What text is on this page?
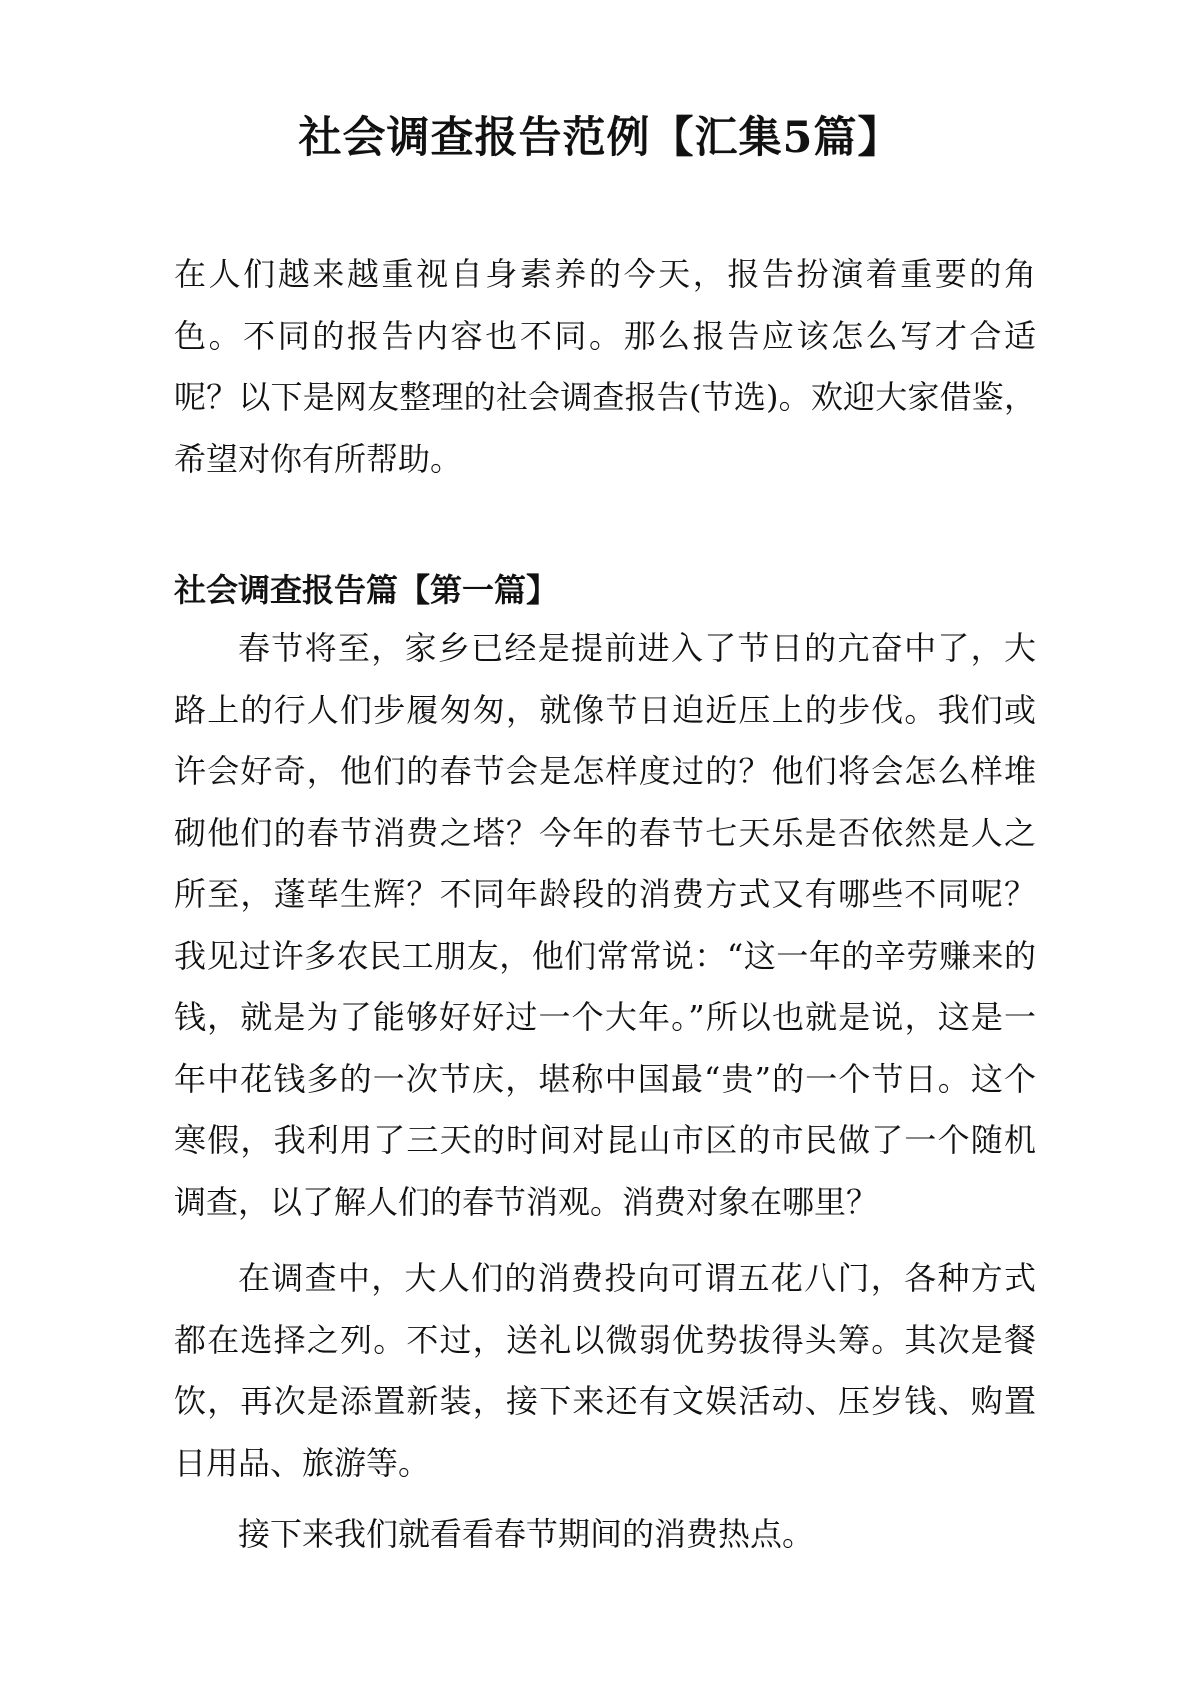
社会调查报告范例【汇集5篇】

在人们越来越重视自身素养的今天，报告扮演着重要的角色。不同的报告内容也不同。那么报告应该怎么写才合适呢？以下是网友整理的社会调查报告(节选)。欢迎大家借鉴，希望对你有所帮助。

社会调查报告篇【第一篇】

春节将至，家乡已经是提前进入了节日的亢奋中了，大路上的行人们步履匆匆，就像节日迫近压上的步伐。我们或许会好奇，他们的春节会是怎样度过的？他们将会怎么样堆砌他们的春节消费之塔？今年的春节七天乐是否依然是人之所至，蓬荜生辉？不同年龄段的消费方式又有哪些不同呢？我见过许多农民工朋友，他们常常说：“这一年的辛劳赚来的钱，就是为了能够好好过一个大年。”所以也就是说，这是一年中花钱多的一次节庆，堪称中国最“贵”的一个节日。这个寒假，我利用了三天的时间对昆山市区的市民做了一个随机调查，以了解人们的春节消观。消费对象在哪里？

在调查中，大人们的消费投向可谓五花八门，各种方式都在选择之列。不过，送礼以微弱优势拔得头筹。其次是餐饮，再次是添置新装，接下来还有文娱活动、压岁钱、购置日用品、旅游等。

接下来我们就看看春节期间的消费热点。
